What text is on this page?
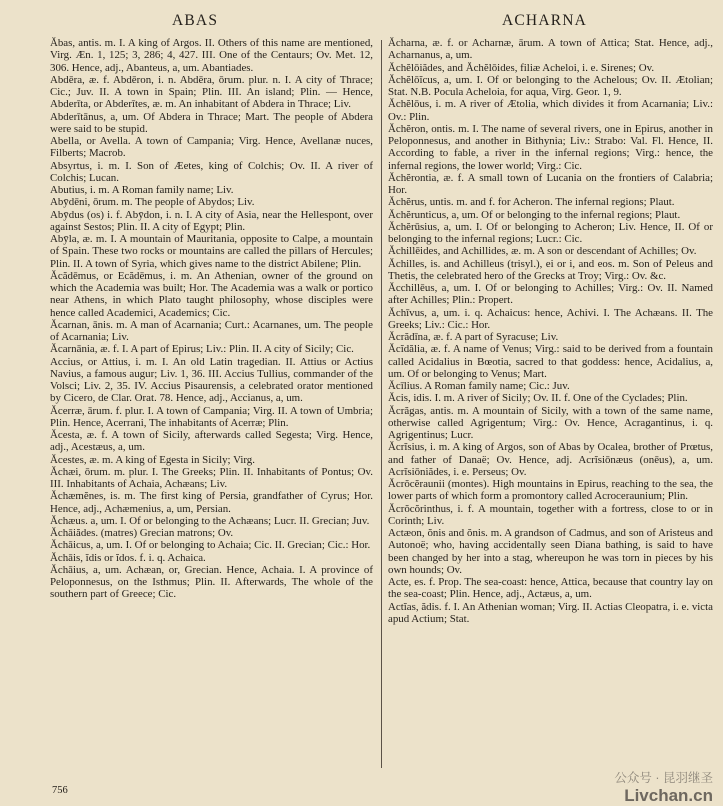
ABAS	ACHARNA

Ăbas, antis. m. I. A king of Argos. II. Others of this name are mentioned, Virg. Æn. 1, 125; 3, 286; 4, 427. III. One of the Centaurs; Ov. Met. 12, 306. Hence, adj., Abanteus, a, um. Abantiades.

Abdēra, æ. f. Abdēron, i. n. Abdēra, ōrum. plur. n. I. A city of Thrace; Cic.; Juv. II. A town in Spain; Plin. III. An island; Plin. — Hence, Abderīta, or Abderītes, æ. m. An inhabitant of Abdera in Thrace; Liv.

Abderītānus, a, um. Of Abdera in Thrace; Mart. The people of Abdera were said to be stupid.

Abella, or Avella. A town of Campania; Virg. Hence, Avellanæ nuces, Filberts; Macrob.

Absyrtus, i. m. I. Son of Æetes, king of Colchis; Ov. II. A river of Colchis; Lucan.

Abutius, i. m. A Roman family name; Liv.

Abȳdēni, ōrum. m. The people of Abydos; Liv.

Abȳdus (os) i. f. Abȳdon, i. n. I. A city of Asia, near the Hellespont, over against Sestos; Plin. II. A city of Egypt; Plin.

Abȳla, æ. m. I. A mountain of Mauritania, opposite to Calpe, a mountain of Spain. These two rocks or mountains are called the pillars of Hercules; Plin. II. A town of Syria, which gives name to the district Abilene; Plin.

Ăcădēmus, or Ecădēmus, i. m. An Athenian, owner of the ground on which the Academia was built; Hor. The Academia was a walk or portico near Athens, in which Plato taught philosophy, whose disciples were hence called Academici, Academics; Cic.

Ăcarnan, ānis. m. A man of Acarnania; Curt.: Acarnanes, um. The people of Acarnania; Liv.

Ăcarnānia, æ. f. I. A part of Epirus; Liv.: Plin. II. A city of Sicily; Cic.

Accius, or Attius, i. m. I. An old Latin tragedian. II. Attius or Actius Navius, a famous augur; Liv. 1, 36. III. Accius Tullius, commander of the Volsci; Liv. 2, 35. IV. Accius Pisaurensis, a celebrated orator mentioned by Cicero, de Clar. Orat. 78. Hence, adj., Accianus, a, um.

Ăcerræ, ārum. f. plur. I. A town of Campania; Virg. II. A town of Umbria; Plin. Hence, Acerrani, The inhabitants of Acerræ; Plin.

Ăcesta, æ. f. A town of Sicily, afterwards called Segesta; Virg. Hence, adj., Acestæus, a, um.

Ăcestes, æ. m. A king of Egesta in Sicily; Virg.

Ăchæi, ōrum. m. plur. I. The Greeks; Plin. II. Inhabitants of Pontus; Ov. III. Inhabitants of Achaia, Achæans; Liv.

Ăchæmĕnes, is. m. The first king of Persia, grandfather of Cyrus; Hor. Hence, adj., Achæmenius, a, um, Persian.

Ăchæus. a, um. I. Of or belonging to the Achæans; Lucr. II. Grecian; Juv.

Ăchāiădes. (matres) Grecian matrons; Ov.

Ăchāicus, a, um. I. Of or belonging to Achaia; Cic. II. Grecian; Cic.: Hor.

Ăchāis, ĭdis or ĭdos. f. i. q. Achaica.

Ăchāius, a, um. Achæan, or, Grecian. Hence, Achaia. I. A province of Peloponnesus, on the Isthmus; Plin. II. Afterwards, The whole of the southern part of Greece; Cic.

Ăcharna, æ. f. or Acharnæ, ārum. A town of Attica; Stat. Hence, adj., Acharnanus, a, um.

Ăchĕlōiădes, and Ăchĕlōides, filiæ Acheloi, i. e. Sirenes; Ov.

Ăchĕlōĭcus, a, um. I. Of or belonging to the Achelous; Ov. II. Ætolian; Stat. N.B. Pocula Acheloia, for aqua, Virg. Geor. 1, 9.

Ăchĕlōus, i. m. A river of Ætolia, which divides it from Acarnania; Liv.: Ov.: Plin.

Ăchĕron, ontis. m. I. The name of several rivers, one in Epirus, another in Peloponnesus, and another in Bithynia; Liv.: Strabo: Val. Fl. Hence, II. According to fable, a river in the infernal regions; Virg.: hence, the infernal regions, the lower world; Virg.: Cic.

Ăchĕrontia, æ. f. A small town of Lucania on the frontiers of Calabria; Hor.

Ăchĕrus, untis. m. and f. for Acheron. The infernal regions; Plaut.

Ăchĕrunticus, a, um. Of or belonging to the infernal regions; Plaut.

Ăchĕrūsius, a, um. I. Of or belonging to Acheron; Liv. Hence, II. Of or belonging to the infernal regions; Lucr.: Cic.

Ăchillēides, and Achillides, æ. m. A son or descendant of Achilles; Ov.

Ăchilles, is. and Achilleus (trisyl.), ei or i, and eos. m. Son of Peleus and Thetis, the celebrated hero of the Grecks at Troy; Virg.: Ov. &c.

Ăcchillēus, a, um. I. Of or belonging to Achilles; Virg.: Ov. II. Named after Achilles; Plin.: Propert.

Ăchīvus, a, um. i. q. Achaicus: hence, Achivi. I. The Achæans. II. The Greeks; Liv.: Cic.: Hor.

Ăcrădīna, æ. f. A part of Syracuse; Liv.

Ăcĭdălia, æ. f. A name of Venus; Virg.: said to be derived from a fountain called Acidalius in Bœotia, sacred to that goddess: hence, Acidalius, a, um. Of or belonging to Venus; Mart.

Ăcīlius. A Roman family name; Cic.: Juv.

Ăcis, idis. I. m. A river of Sicily; Ov. II. f. One of the Cyclades; Plin.

Ăcrăgas, antis. m. A mountain of Sicily, with a town of the same name, otherwise called Agrigentum; Virg.: Ov. Hence, Acragantinus, i. q. Agrigentinus; Lucr.

Ăcrĭsius, i. m. A king of Argos, son of Abas by Ocalea, brother of Prœtus, and father of Danaë; Ov. Hence, adj. Acrĭsiōnæus (onēus), a, um. Acrĭsiōniădes, i. e. Perseus; Ov.

Ăcrŏcĕraunii (montes). High mountains in Epirus, reaching to the sea, the lower parts of which form a promontory called Acroceraunium; Plin.

Ăcrŏcŏrinthus, i. f. A mountain, together with a fortress, close to or in Corinth; Liv.

Actæon, ŏnis and ŏnis. m. A grandson of Cadmus, and son of Aristeus and Autonoë; who, having accidentally seen Diana bathing, is said to have been changed by her into a stag, whereupon he was torn in pieces by his own hounds; Ov.

Acte, es. f. Prop. The sea-coast: hence, Attica, because that country lay on the sea-coast; Plin. Hence, adj., Actæus, a, um.

Actĭas, ădis. f. I. An Athenian woman; Virg. II. Actias Cleopatra, i. e. victa apud Actium; Stat.

756
公众号 · 昆羽继圣
Livchan.cn
